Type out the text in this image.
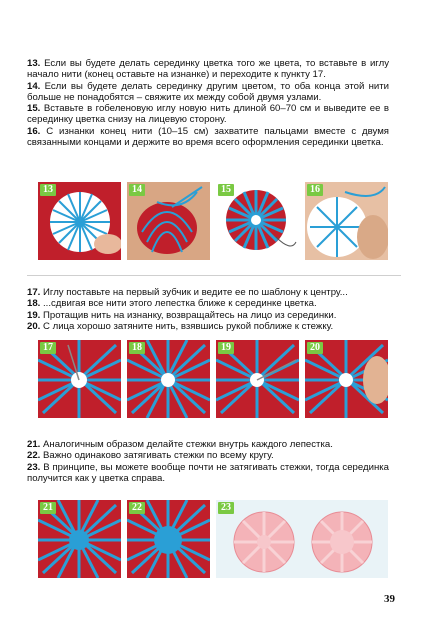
13. Если вы будете делать серединку цветка того же цвета, то вставьте в иглу начало нити (конец оставьте на изнанке) и переходите к пункту 17.

14. Если вы будете делать серединку другим цветом, то оба конца этой нити больше не понадобятся – свяжите их между собой двумя узлами.

15. Вставьте в гобеленовую иглу новую нить длиной 60–70 см и выведите ее в серединку цветка снизу на лицевую сторону.

16. С изнанки конец нити (10–15 см) захватите пальцами вместе с двумя связанными концами и держите во время всего оформления серединки цветка.

13	14	15	16

17. Иглу поставьте на первый зубчик и ведите ее по шаблону к центру...

18. ...сдвигая все нити этого лепестка ближе к серединке цветка.

19. Протащив нить на изнанку, возвращайтесь на лицо из серединки.

20. С лица хорошо затяните нить, взявшись рукой поближе к стежку.

17	18	19	20

21. Аналогичным образом делайте стежки внутрь каждого лепестка.

22. Важно одинаково затягивать стежки по всему кругу.

23. В принципе, вы можете вообще почти не затягивать стежки, тогда серединка получится как у цветка справа.

21	22	23
39
